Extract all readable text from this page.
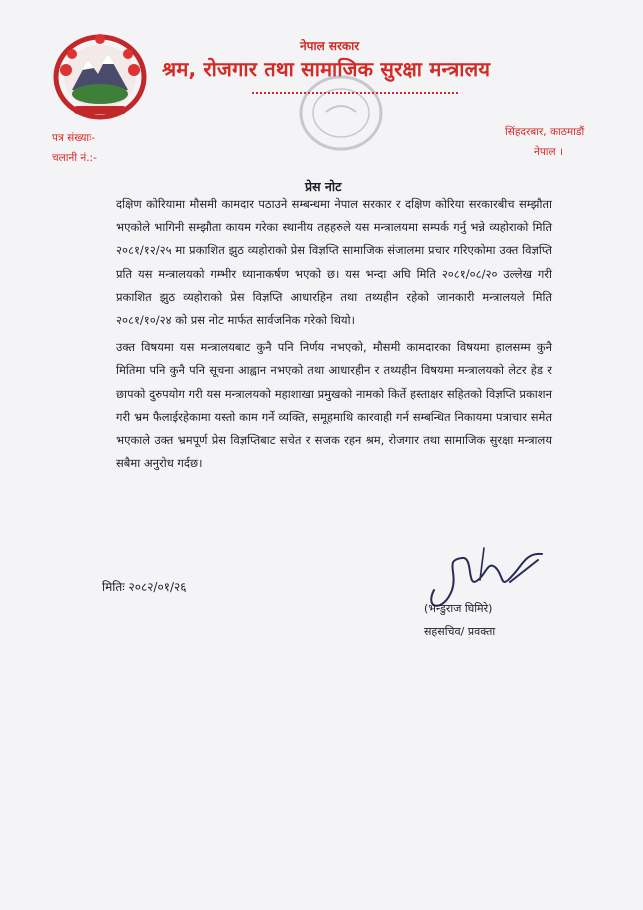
नेपाल सरकार
श्रम, रोजगार तथा सामाजिक सुरक्षा मन्त्रालय
पत्र संख्याः-
चलानी नं.:-
सिंहदरबार, काठमाडौं
नेपाल ।
प्रेस नोट

दक्षिण कोरियामा मौसमी कामदार पठाउने सम्बन्धमा नेपाल सरकार र दक्षिण कोरिया सरकारबीच सम्झौता भएकोले भागिनी सम्झौता कायम गरेका स्थानीय तहहरुले यस मन्त्रालयमा सम्पर्क गर्नु भन्ने व्यहोराको मिति २०८१/१२/२५ मा प्रकाशित झुठ व्यहोराको प्रेस विज्ञप्ति सामाजिक संजालमा प्रचार गरिएकोमा उक्त विज्ञप्ति प्रति यस मन्त्रालयको गम्भीर ध्यानाकर्षण भएको छ। यस भन्दा अघि मिति २०८१/०८/२० उल्लेख गरी प्रकाशित झुठ व्यहोराको प्रेस विज्ञप्ति आधारहिन तथा तथ्यहीन रहेको जानकारी मन्त्रालयले मिति २०८१/१०/२४ को प्रस नोट मार्फत सार्वजनिक गरेको थियो।

उक्त विषयमा यस मन्त्रालयबाट कुनै पनि निर्णय नभएको, मौसमी कामदारका विषयमा हालसम्म कुनै मितिमा पनि कुनै पनि सूचना आह्वान नभएको तथा आधारहीन र तथ्यहीन विषयमा मन्त्रालयको लेटर हेड र छापको दुरुपयोग गरी यस मन्त्रालयको महाशाखा प्रमुखको नामको किर्ते हस्ताक्षर सहितको विज्ञप्ति प्रकाशन गरी भ्रम फैलाईरहेकामा यस्तो काम गर्ने व्यक्ति, समूहमाथि कारवाही गर्न सम्बन्धित निकायमा पत्राचार समेत भएकाले उक्त भ्रमपूर्ण प्रेस विज्ञप्तिबाट सचेत र सजक रहन श्रम, रोजगार तथा सामाजिक सुरक्षा मन्त्रालय सबैमा अनुरोध गर्दछ।

मितिः २०८२/०१/२६
(भन्डुराज घिमिरे)
सहसचिव/ प्रवक्ता
